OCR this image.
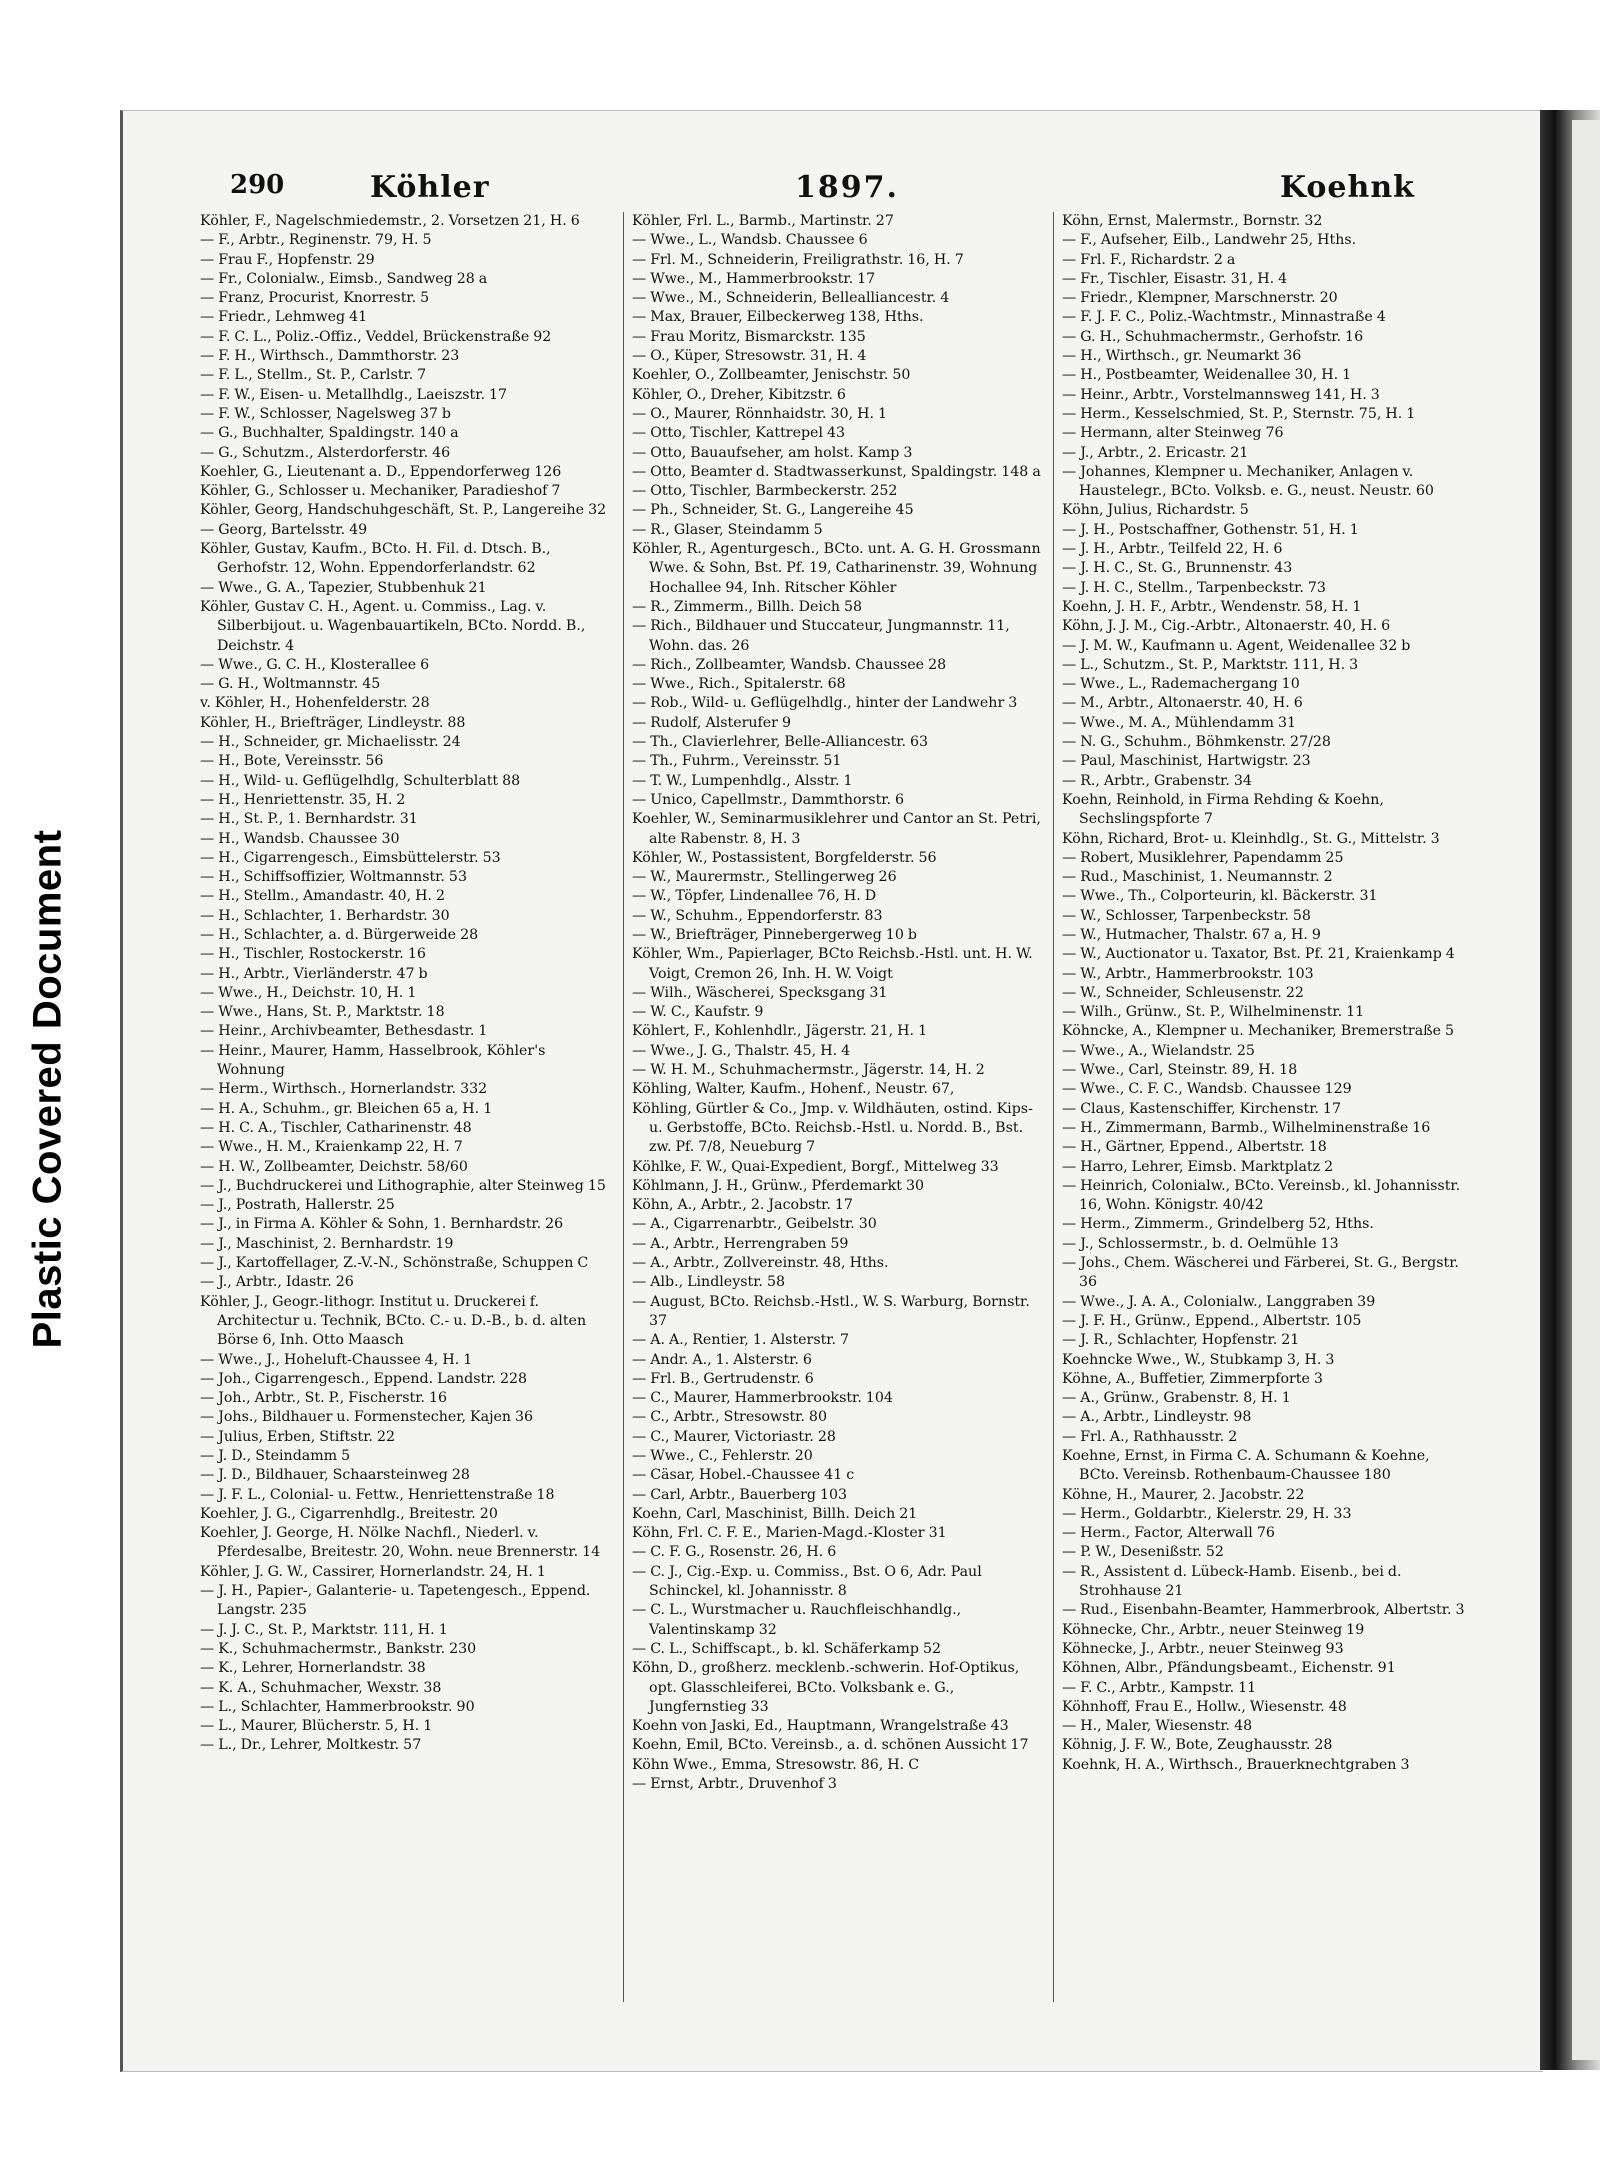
Plastic Covered Document
290	Köhler	1897.	Koehnk
Köhler, F., Nagelschmiedemstr., 2. Vorsetzen 21, H. 6
— F., Arbtr., Reginenstr. 79, H. 5
— Frau F., Hopfenstr. 29
— Fr., Colonialw., Eimsb., Sandweg 28 a
— Franz, Procurist, Knorrestr. 5
— Friedr., Lehmweg 41
— F. C. L., Poliz.-Offiz., Veddel, Brückenstraße 92
— F. H., Wirthsch., Dammthorstr. 23
— F. L., Stellm., St. P., Carlstr. 7
— F. W., Eisen- u. Metallhdlg., Laeiszstr. 17
— F. W., Schlosser, Nagelsweg 37 b
— G., Buchhalter, Spaldingstr. 140 a
— G., Schutzm., Alsterdorferstr. 46
Koehler, G., Lieutenant a. D., Eppendorferweg 126
Köhler, G., Schlosser u. Mechaniker, Paradieshof 7
Köhler, Georg, Handschuhgeschäft, St. P., Langereihe 32
— Georg, Bartelsstr. 49
Köhler, Gustav, Kaufm., BCto. H. Fil. d. Dtsch. B., Gerhofstr. 12, Wohn. Eppendorferlandstr. 62
— Wwe., G. A., Tapezier, Stubbenhuk 21
Köhler, Gustav C. H., Agent. u. Commiss., Lag. v. Silberbijout. u. Wagenbauartikeln, BCto. Nordd. B., Deichstr. 4
— Wwe., G. C. H., Klosterallee 6
— G. H., Woltmannstr. 45
v. Köhler, H., Hohenfelderstr. 28
Köhler, H., Briefträger, Lindleystr. 88
— H., Schneider, gr. Michaelisstr. 24
— H., Bote, Vereinsstr. 56
— H., Wild- u. Geflügelhdlg, Schulterblatt 88
— H., Henriettenstr. 35, H. 2
— H., St. P., 1. Bernhardstr. 31
— H., Wandsb. Chaussee 30
— H., Cigarrengesch., Eimsbüttelerstr. 53
— H., Schiffsoffizier, Woltmannstr. 53
— H., Stellm., Amandastr. 40, H. 2
— H., Schlachter, 1. Berhardstr. 30
— H., Schlachter, a. d. Bürgerweide 28
— H., Tischler, Rostockerstr. 16
— H., Arbtr., Vierländerstr. 47 b
— Wwe., H., Deichstr. 10, H. 1
— Wwe., Hans, St. P., Marktstr. 18
— Heinr., Archivbeamter, Bethesdastr. 1
— Heinr., Maurer, Hamm, Hasselbrook, Köhler's Wohnung
— Herm., Wirthsch., Hornerlandstr. 332
— H. A., Schuhm., gr. Bleichen 65 a, H. 1
— H. C. A., Tischler, Catharinenstr. 48
— Wwe., H. M., Kraienkamp 22, H. 7
— H. W., Zollbeamter, Deichstr. 58/60
— J., Buchdruckerei und Lithographie, alter Steinweg 15
— J., Postrath, Hallerstr. 25
— J., in Firma A. Köhler & Sohn, 1. Bernhardstr. 26
— J., Maschinist, 2. Bernhardstr. 19
— J., Kartoffellager, Z.-V.-N., Schönstraße, Schuppen C
— J., Arbtr., Idastr. 26
Köhler, J., Geogr.-lithogr. Institut u. Druckerei f. Architectur u. Technik, BCto. C.- u. D.-B., b. d. alten Börse 6, Inh. Otto Maasch
— Wwe., J., Hoheluft-Chaussee 4, H. 1
— Joh., Cigarrengesch., Eppend. Landstr. 228
— Joh., Arbtr., St. P., Fischerstr. 16
— Johs., Bildhauer u. Formenstecher, Kajen 36
— Julius, Erben, Stiftstr. 22
— J. D., Steindamm 5
— J. D., Bildhauer, Schaarsteinweg 28
— J. F. L., Colonial- u. Fettw., Henriettenstraße 18
Koehler, J. G., Cigarrenhdlg., Breitestr. 20
Koehler, J. George, H. Nölke Nachfl., Niederl. v. Pferdesalbe, Breitestr. 20, Wohn. neue Brennerstr. 14
Köhler, J. G. W., Cassirer, Hornerlandstr. 24, H. 1
— J. H., Papier-, Galanterie- u. Tapetengesch., Eppend. Langstr. 235
— J. J. C., St. P., Marktstr. 111, H. 1
— K., Schuhmachermstr., Bankstr. 230
— K., Lehrer, Hornerlandstr. 38
— K. A., Schuhmacher, Wexstr. 38
— L., Schlachter, Hammerbrookstr. 90
— L., Maurer, Blücherstr. 5, H. 1
— L., Dr., Lehrer, Moltkestr. 57
Köhler, Frl. L., Barmb., Martinstr. 27
— Wwe., L., Wandsb. Chaussee 6
— Frl. M., Schneiderin, Freiligrathstr. 16, H. 7
— Wwe., M., Hammerbrookstr. 17
— Wwe., M., Schneiderin, Bellealliancestr. 4
— Max, Brauer, Eilbeckerweg 138, Hths.
— Frau Moritz, Bismarckstr. 135
— O., Küper, Stresowstr. 31, H. 4
Koehler, O., Zollbeamter, Jenischstr. 50
Köhler, O., Dreher, Kibitzstr. 6
— O., Maurer, Rönnhaidstr. 30, H. 1
— Otto, Tischler, Kattrepel 43
— Otto, Bauaufseher, am holst. Kamp 3
— Otto, Beamter d. Stadtwasserkunst, Spaldingstr. 148 a
— Otto, Tischler, Barmbeckerstr. 252
— Ph., Schneider, St. G., Langereihe 45
— R., Glaser, Steindamm 5
Köhler, R., Agenturgesch., BCto. unt. A. G. H. Grossmann Wwe. & Sohn, Bst. Pf. 19, Catharinenstr. 39, Wohnung Hochallee 94, Inh. Ritscher Köhler
— R., Zimmerm., Billh. Deich 58
— Rich., Bildhauer und Stuccateur, Jungmannstr. 11, Wohn. das. 26
— Rich., Zollbeamter, Wandsb. Chaussee 28
— Wwe., Rich., Spitalerstr. 68
— Rob., Wild- u. Geflügelhdlg., hinter der Landwehr 3
— Rudolf, Alsterufer 9
— Th., Clavierlehrer, Belle-Alliancestr. 63
— Th., Fuhrm., Vereinsstr. 51
— T. W., Lumpenhdlg., Alsstr. 1
— Unico, Capellmstr., Dammthorstr. 6
Koehler, W., Seminarmusiklehrer und Cantor an St. Petri, alte Rabenstr. 8, H. 3
Köhler, W., Postassistent, Borgfelderstr. 56
— W., Maurermstr., Stellingerweg 26
— W., Töpfer, Lindenallee 76, H. D
— W., Schuhm., Eppendorferstr. 83
— W., Briefträger, Pinnebergerweg 10 b
Köhler, Wm., Papierlager, BCto Reichsb.-Hstl. unt. H. W. Voigt, Cremon 26, Inh. H. W. Voigt
— Wilh., Wäscherei, Specksgang 31
— W. C., Kaufstr. 9
Köhlert, F., Kohlenhdlr., Jägerstr. 21, H. 1
— Wwe., J. G., Thalstr. 45, H. 4
— W. H. M., Schuhmachermstr., Jägerstr. 14, H. 2
Köhling, Walter, Kaufm., Hohenf., Neustr. 67,
Köhling, Gürtler & Co., Jmp. v. Wildhäuten, ostind. Kips- u. Gerbstoffe, BCto. Reichsb.-Hstl. u. Nordd. B., Bst. zw. Pf. 7/8, Neueburg 7
Köhlke, F. W., Quai-Expedient, Borgf., Mittelweg 33
Köhlmann, J. H., Grünw., Pferdemarkt 30
Köhn, A., Arbtr., 2. Jacobstr. 17
— A., Cigarrenarbtr., Geibelstr. 30
— A., Arbtr., Herrengraben 59
— A., Arbtr., Zollvereinstr. 48, Hths.
— Alb., Lindleystr. 58
— August, BCto. Reichsb.-Hstl., W. S. Warburg, Bornstr. 37
— A. A., Rentier, 1. Alsterstr. 7
— Andr. A., 1. Alsterstr. 6
— Frl. B., Gertrudenstr. 6
— C., Maurer, Hammerbrookstr. 104
— C., Arbtr., Stresowstr. 80
— C., Maurer, Victoriastr. 28
— Wwe., C., Fehlerstr. 20
— Cäsar, Hobel.-Chaussee 41 c
— Carl, Arbtr., Bauerberg 103
Koehn, Carl, Maschinist, Billh. Deich 21
Köhn, Frl. C. F. E., Marien-Magd.-Kloster 31
— C. F. G., Rosenstr. 26, H. 6
— C. J., Cig.-Exp. u. Commiss., Bst. O 6, Adr. Paul Schinckel, kl. Johannisstr. 8
— C. L., Wurstmacher u. Rauchfleischhandlg., Valentinskamp 32
— C. L., Schiffscapt., b. kl. Schäferkamp 52
Köhn, D., großherz. mecklenb.-schwerin. Hof-Optikus, opt. Glasschleiferei, BCto. Volksbank e. G., Jungfernstieg 33
Koehn von Jaski, Ed., Hauptmann, Wrangelstraße 43
Koehn, Emil, BCto. Vereinsb., a. d. schönen Aussicht 17
Köhn Wwe., Emma, Stresowstr. 86, H. C
— Ernst, Arbtr., Druvenhof 3
Köhn, Ernst, Malermstr., Bornstr. 32
— F., Aufseher, Eilb., Landwehr 25, Hths.
— Frl. F., Richardstr. 2 a
— Fr., Tischler, Eisastr. 31, H. 4
— Friedr., Klempner, Marschnerstr. 20
— F. J. F. C., Poliz.-Wachtmstr., Minnastraße 4
— G. H., Schuhmachermstr., Gerhofstr. 16
— H., Wirthsch., gr. Neumarkt 36
— H., Postbeamter, Weidenallee 30, H. 1
— Heinr., Arbtr., Vorstelmannsweg 141, H. 3
— Herm., Kesselschmied, St. P., Sternstr. 75, H. 1
— Hermann, alter Steinweg 76
— J., Arbtr., 2. Ericastr. 21
— Johannes, Klempner u. Mechaniker, Anlagen v. Haustelegr., BCto. Volksb. e. G., neust. Neustr. 60
Köhn, Julius, Richardstr. 5
— J. H., Postschaffner, Gothenstr. 51, H. 1
— J. H., Arbtr., Teilfeld 22, H. 6
— J. H. C., St. G., Brunnenstr. 43
— J. H. C., Stellm., Tarpenbeckstr. 73
Koehn, J. H. F., Arbtr., Wendenstr. 58, H. 1
Köhn, J. J. M., Cig.-Arbtr., Altonaerstr. 40, H. 6
— J. M. W., Kaufmann u. Agent, Weidenallee 32 b
— L., Schutzm., St. P., Marktstr. 111, H. 3
— Wwe., L., Rademachergang 10
— M., Arbtr., Altonaerstr. 40, H. 6
— Wwe., M. A., Mühlendamm 31
— N. G., Schuhm., Böhmkenstr. 27/28
— Paul, Maschinist, Hartwigstr. 23
— R., Arbtr., Grabenstr. 34
Koehn, Reinhold, in Firma Rehding & Koehn, Sechslingspforte 7
Köhn, Richard, Brot- u. Kleinhdlg., St. G., Mittelstr. 3
— Robert, Musiklehrer, Papendamm 25
— Rud., Maschinist, 1. Neumannstr. 2
— Wwe., Th., Colporteurin, kl. Bäckerstr. 31
— W., Schlosser, Tarpenbeckstr. 58
— W., Hutmacher, Thalstr. 67 a, H. 9
— W., Auctionator u. Taxator, Bst. Pf. 21, Kraienkamp 4
— W., Arbtr., Hammerbrookstr. 103
— W., Schneider, Schleusenstr. 22
— Wilh., Grünw., St. P., Wilhelminenstr. 11
Köhncke, A., Klempner u. Mechaniker, Bremerstraße 5
— Wwe., A., Wielandstr. 25
— Wwe., Carl, Steinstr. 89, H. 18
— Wwe., C. F. C., Wandsb. Chaussee 129
— Claus, Kastenschiffer, Kirchenstr. 17
— H., Zimmermann, Barmb., Wilhelminenstraße 16
— H., Gärtner, Eppend., Albertstr. 18
— Harro, Lehrer, Eimsb. Marktplatz 2
— Heinrich, Colonialw., BCto. Vereinsb., kl. Johannisstr. 16, Wohn. Königstr. 40/42
— Herm., Zimmerm., Grindelberg 52, Hths.
— J., Schlossermstr., b. d. Oelmühle 13
— Johs., Chem. Wäscherei und Färberei, St. G., Bergstr. 36
— Wwe., J. A. A., Colonialw., Langgraben 39
— J. F. H., Grünw., Eppend., Albertstr. 105
— J. R., Schlachter, Hopfenstr. 21
Koehncke Wwe., W., Stubkamp 3, H. 3
Köhne, A., Buffetier, Zimmerpforte 3
— A., Grünw., Grabenstr. 8, H. 1
— A., Arbtr., Lindleystr. 98
— Frl. A., Rathhausstr. 2
Koehne, Ernst, in Firma C. A. Schumann & Koehne, BCto. Vereinsb. Rothenbaum-Chaussee 180
Köhne, H., Maurer, 2. Jacobstr. 22
— Herm., Goldarbtr., Kielerstr. 29, H. 33
— Herm., Factor, Alterwall 76
— P. W., Desenißstr. 52
— R., Assistent d. Lübeck-Hamb. Eisenb., bei d. Strohhause 21
— Rud., Eisenbahn-Beamter, Hammerbrook, Albertstr. 3
Köhnecke, Chr., Arbtr., neuer Steinweg 19
Köhnecke, J., Arbtr., neuer Steinweg 93
Köhnen, Albr., Pfändungsbeamt., Eichenstr. 91
— F. C., Arbtr., Kampstr. 11
Köhnhoff, Frau E., Hollw., Wiesenstr. 48
— H., Maler, Wiesenstr. 48
Köhnig, J. F. W., Bote, Zeughausstr. 28
Koehnk, H. A., Wirthsch., Brauerknechtgraben 3
